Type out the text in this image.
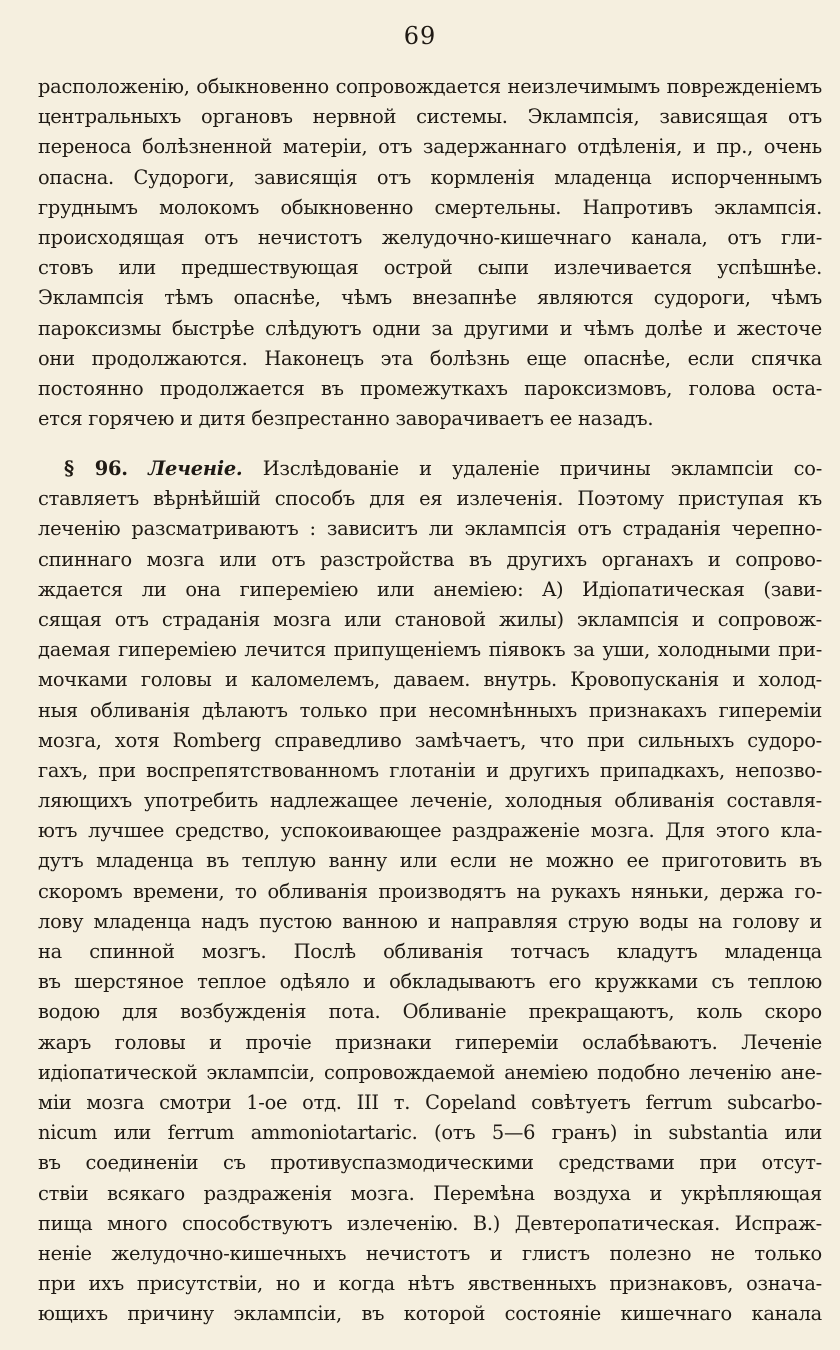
69
расположенію, обыкновенно сопровождается неизлечимымъ поврежденіемъ
центральныхъ органовъ нервной системы. Эклампсія, зависящая отъ
переноса болѣзненной матеріи, отъ задержаннаго отдѣленія, и пр., очень
опасна. Судороги, зависящія отъ кормленія младенца испорченнымъ
груднымъ молокомъ обыкновенно смертельны. Напротивъ эклампсія.
происходящая отъ нечистотъ желудочно-кишечнаго канала, отъ гли-
стовъ или предшествующая острой сыпи излечивается успѣшнѣе.
Эклампсія тѣмъ опаснѣе, чѣмъ внезапнѣе являются судороги, чѣмъ
пароксизмы быстрѣе слѣдуютъ одни за другими и чѣмъ долѣе и жесточе
они продолжаются. Наконецъ эта болѣзнь еще опаснѣе, если спячка
постоянно продолжается въ промежуткахъ пароксизмовъ, голова оста-
ется горячею и дитя безпрестанно заворачиваетъ ее назадъ.
§ 96. Леченіе. Изслѣдованіе и удаленіе причины эклампсіи со-
ставляетъ вѣрнѣйшій способъ для ея излеченія. Поэтому приступая къ
леченію разсматриваютъ : зависитъ ли эклампсія отъ страданія черепно-
спиннаго мозга или отъ разстройства въ другихъ органахъ и сопрово-
ждается ли она гипереміею или анеміею: A) Идіопатическая (зави-
сящая отъ страданія мозга или становой жилы) эклампсія и сопровож-
даемая гипереміею лечится припущеніемъ піявокъ за уши, холодными при-
мочками головы и каломелемъ, даваем. внутрь. Кровопусканія и холод-
ныя обливанія дѣлаютъ только при несомнѣнныхъ признакахъ гипереміи
мозга, хотя Romberg справедливо замѣчаетъ, что при сильныхъ судоро-
гахъ, при воспрепятствованномъ глотаніи и другихъ припадкахъ, непозво-
ляющихъ употребить надлежащее леченіе, холодныя обливанія составля-
ютъ лучшее средство, успокоивающее раздраженіе мозга. Для этого кла-
дутъ младенца въ теплую ванну или если не можно ее приготовить въ
скоромъ времени, то обливанія производятъ на рукахъ няньки, держа го-
лову младенца надъ пустою ванною и направляя струю воды на голову и
на спинной мозгъ. Послѣ обливанія тотчасъ кладутъ младенца
въ шерстяное теплое одѣяло и обкладываютъ его кружками съ теплою
водою для возбужденія пота. Обливаніе прекращаютъ, коль скоро
жаръ головы и прочіе признаки гипереміи ослабѣваютъ. Леченіе
идіопатической эклампсіи, сопровождаемой анеміею подобно леченію ане-
міи мозга смотри 1-ое отд. III т. Copeland совѣтуетъ ferrum subcarbo-
nicum или ferrum ammoniotartaric. (отъ 5—6 гранъ) in substantia или
въ соединеніи съ противуспазмодическими средствами при отсут-
ствіи всякаго раздраженія мозга. Перемѣна воздуха и укрѣпляющая
пища много способствуютъ излеченію. B.) Девтеропатическая. Испраж-
неніе желудочно-кишечныхъ нечистотъ и глистъ полезно не только
при ихъ присутствіи, но и когда нѣтъ явственныхъ признаковъ, означа-
ющихъ причину эклампсіи, въ которой состояніе кишечнаго канала
